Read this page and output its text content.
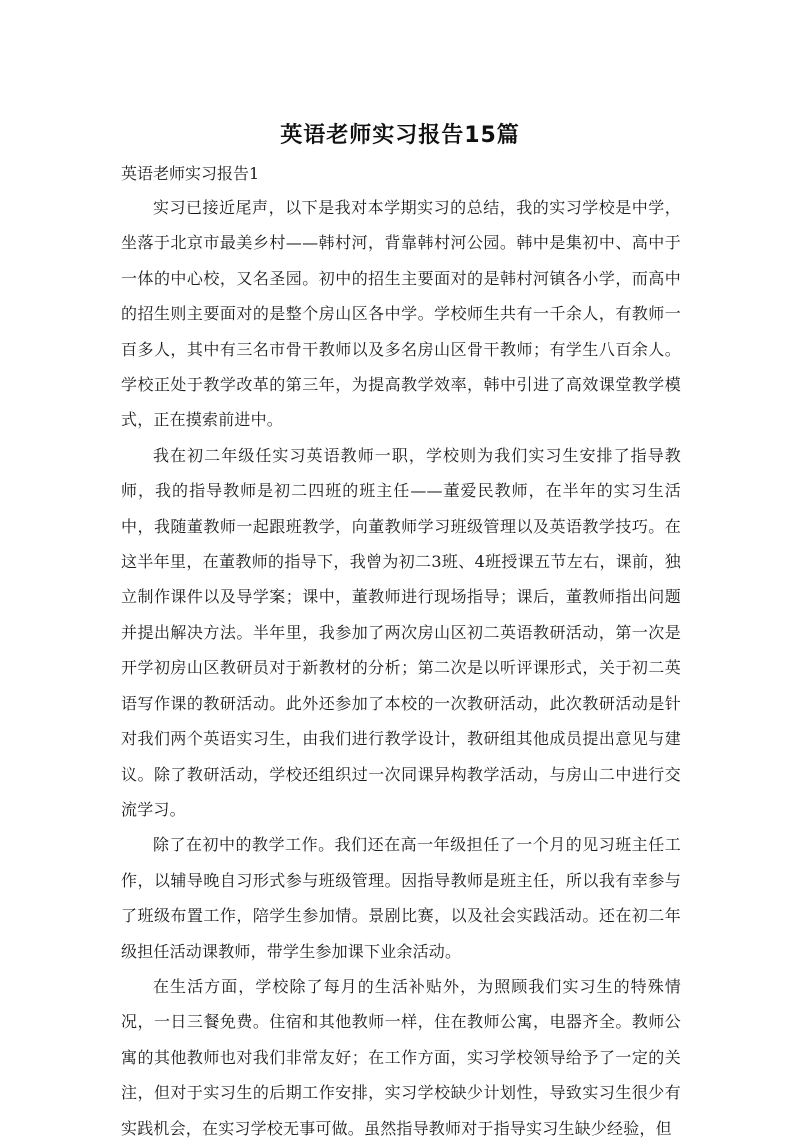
英语老师实习报告15篇
英语老师实习报告1

实习已接近尾声，以下是我对本学期实习的总结，我的实习学校是中学，坐落于北京市最美乡村——韩村河，背靠韩村河公园。韩中是集初中、高中于一体的中心校，又名圣园。初中的招生主要面对的是韩村河镇各小学，而高中的招生则主要面对的是整个房山区各中学。学校师生共有一千余人，有教师一百多人，其中有三名市骨干教师以及多名房山区骨干教师；有学生八百余人。学校正处于教学改革的第三年，为提高教学效率，韩中引进了高效课堂教学模式，正在摸索前进中。

我在初二年级任实习英语教师一职，学校则为我们实习生安排了指导教师，我的指导教师是初二四班的班主任——董爱民教师，在半年的实习生活中，我随董教师一起跟班教学，向董教师学习班级管理以及英语教学技巧。在这半年里，在董教师的指导下，我曾为初二3班、4班授课五节左右，课前，独立制作课件以及导学案；课中，董教师进行现场指导；课后，董教师指出问题并提出解决方法。半年里，我参加了两次房山区初二英语教研活动，第一次是开学初房山区教研员对于新教材的分析；第二次是以听评课形式，关于初二英语写作课的教研活动。此外还参加了本校的一次教研活动，此次教研活动是针对我们两个英语实习生，由我们进行教学设计，教研组其他成员提出意见与建议。除了教研活动，学校还组织过一次同课异构教学活动，与房山二中进行交流学习。

除了在初中的教学工作。我们还在高一年级担任了一个月的见习班主任工作，以辅导晚自习形式参与班级管理。因指导教师是班主任，所以我有幸参与了班级布置工作，陪学生参加情。景剧比赛，以及社会实践活动。还在初二年级担任活动课教师，带学生参加课下业余活动。

在生活方面，学校除了每月的生活补贴外，为照顾我们实习生的特殊情况，一日三餐免费。住宿和其他教师一样，住在教师公寓，电器齐全。教师公寓的其他教师也对我们非常友好；在工作方面，实习学校领导给予了一定的关注，但对于实习生的后期工作安排，实习学校缺少计划性，导致实习生很少有实践机会，在实习学校无事可做。虽然指导教师对于指导实习生缺少经验，但
